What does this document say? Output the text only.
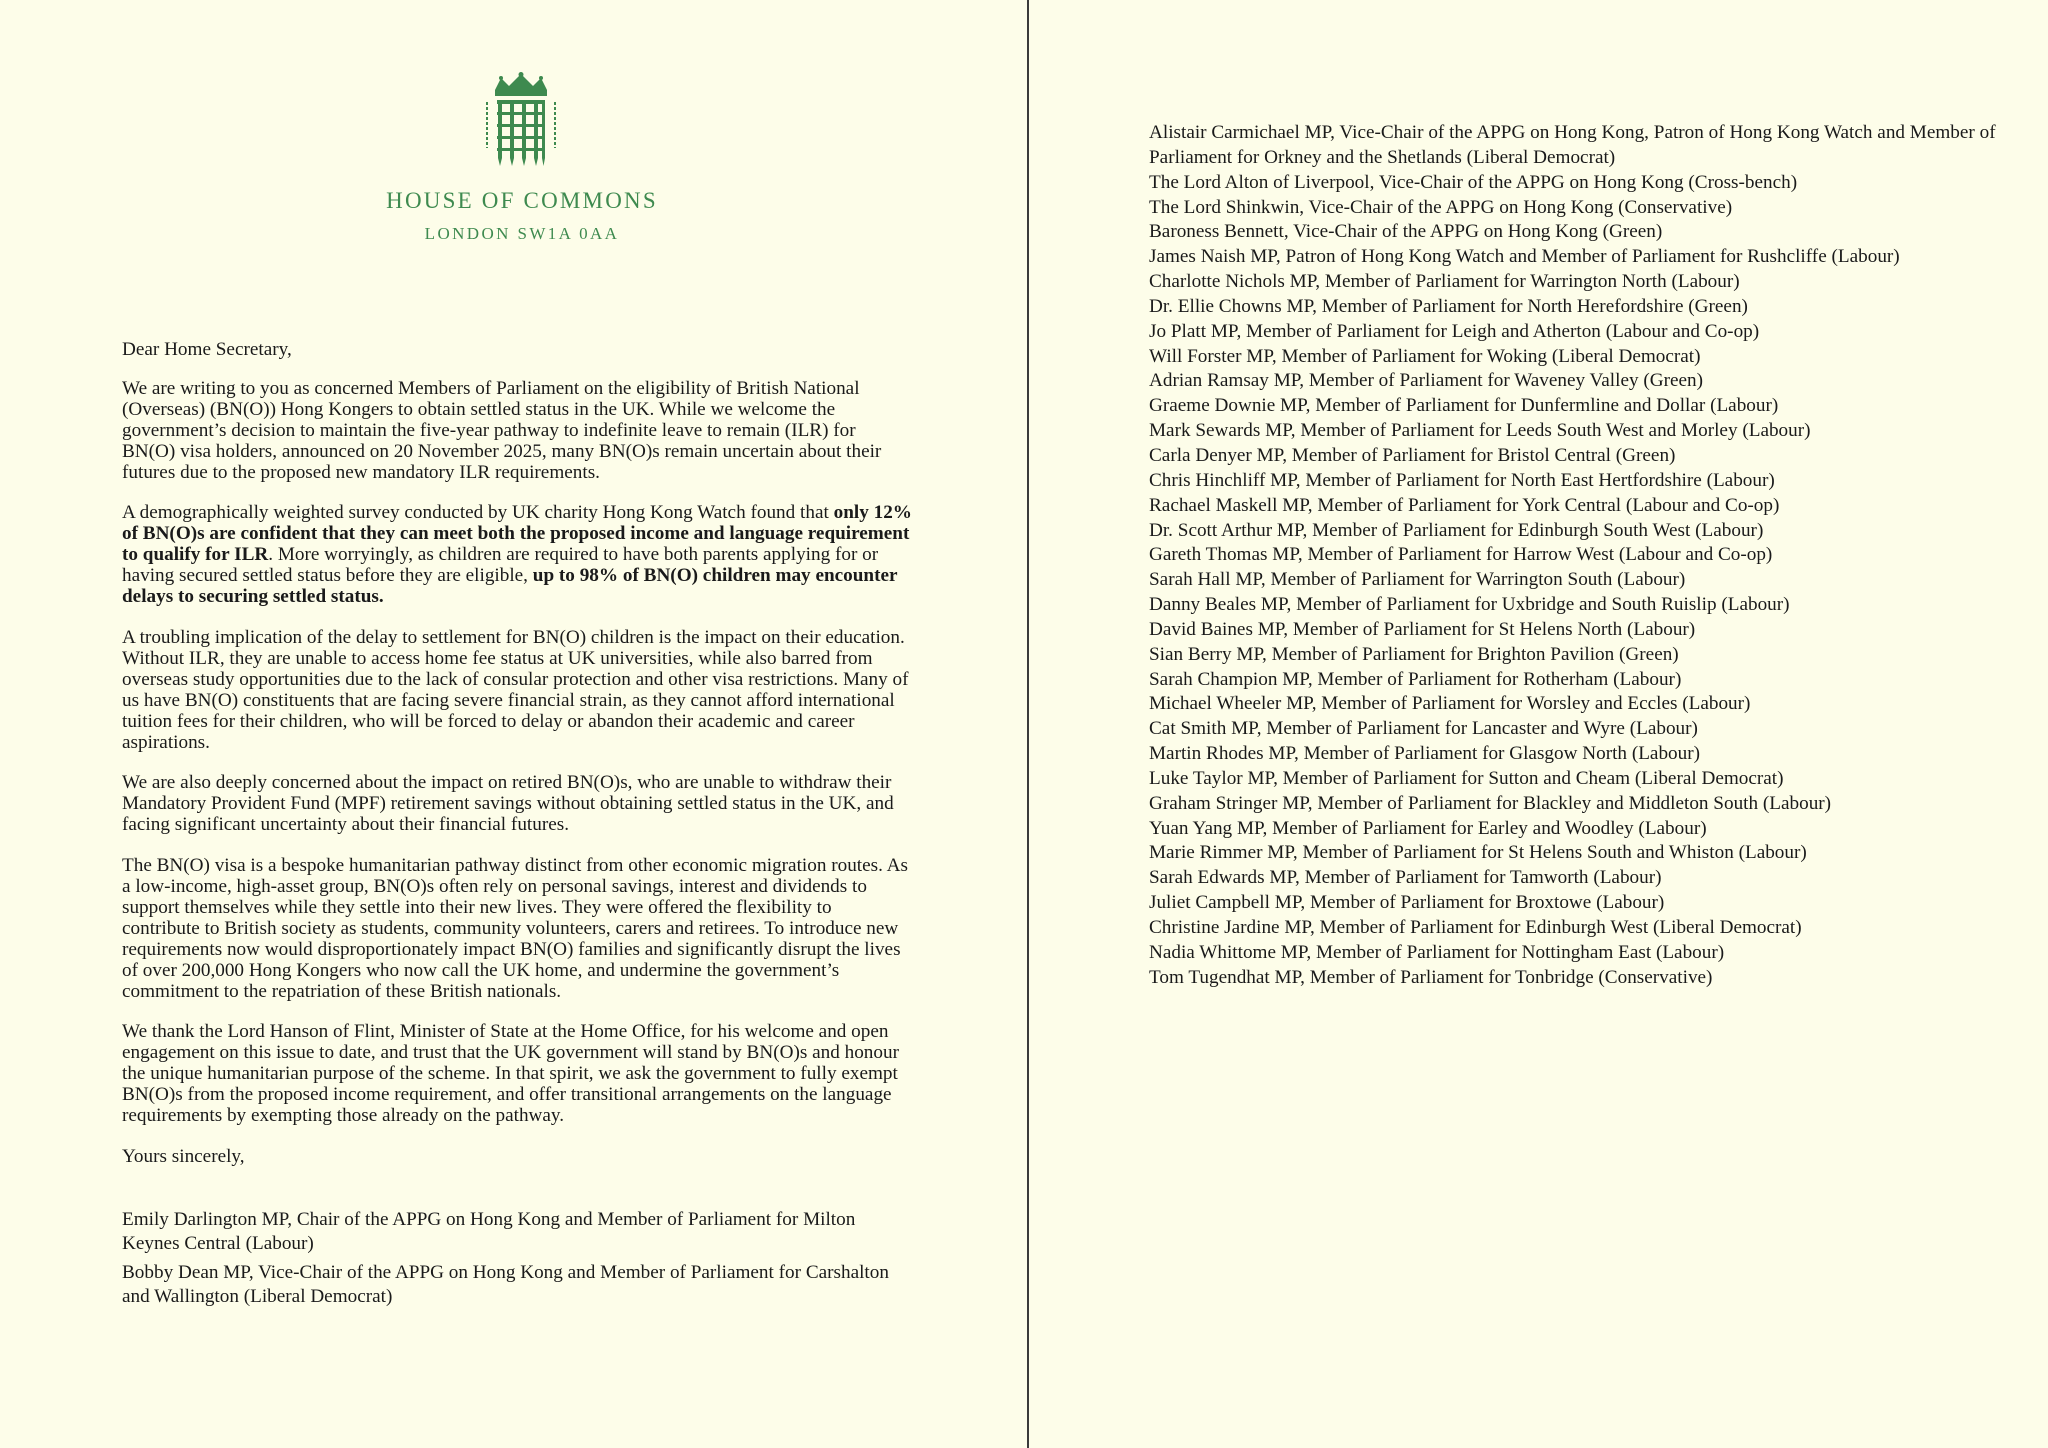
HOUSE OF COMMONS
LONDON SW1A 0AA

Dear Home Secretary,

We are writing to you as concerned Members of Parliament on the eligibility of British National (Overseas) (BN(O)) Hong Kongers to obtain settled status in the UK. While we welcome the government’s decision to maintain the five-year pathway to indefinite leave to remain (ILR) for BN(O) visa holders, announced on 20 November 2025, many BN(O)s remain uncertain about their futures due to the proposed new mandatory ILR requirements.

A demographically weighted survey conducted by UK charity Hong Kong Watch found that only 12% of BN(O)s are confident that they can meet both the proposed income and language requirement to qualify for ILR. More worryingly, as children are required to have both parents applying for or having secured settled status before they are eligible, up to 98% of BN(O) children may encounter delays to securing settled status.

A troubling implication of the delay to settlement for BN(O) children is the impact on their education. Without ILR, they are unable to access home fee status at UK universities, while also barred from overseas study opportunities due to the lack of consular protection and other visa restrictions. Many of us have BN(O) constituents that are facing severe financial strain, as they cannot afford international tuition fees for their children, who will be forced to delay or abandon their academic and career aspirations.

We are also deeply concerned about the impact on retired BN(O)s, who are unable to withdraw their Mandatory Provident Fund (MPF) retirement savings without obtaining settled status in the UK, and facing significant uncertainty about their financial futures.

The BN(O) visa is a bespoke humanitarian pathway distinct from other economic migration routes. As a low-income, high-asset group, BN(O)s often rely on personal savings, interest and dividends to support themselves while they settle into their new lives. They were offered the flexibility to contribute to British society as students, community volunteers, carers and retirees. To introduce new requirements now would disproportionately impact BN(O) families and significantly disrupt the lives of over 200,000 Hong Kongers who now call the UK home, and undermine the government’s commitment to the repatriation of these British nationals.

We thank the Lord Hanson of Flint, Minister of State at the Home Office, for his welcome and open engagement on this issue to date, and trust that the UK government will stand by BN(O)s and honour the unique humanitarian purpose of the scheme. In that spirit, we ask the government to fully exempt BN(O)s from the proposed income requirement, and offer transitional arrangements on the language requirements by exempting those already on the pathway.

Yours sincerely,

Emily Darlington MP, Chair of the APPG on Hong Kong and Member of Parliament for Milton Keynes Central (Labour)

Bobby Dean MP, Vice-Chair of the APPG on Hong Kong and Member of Parliament for Carshalton and Wallington (Liberal Democrat)

Alistair Carmichael MP, Vice-Chair of the APPG on Hong Kong, Patron of Hong Kong Watch and Member of Parliament for Orkney and the Shetlands (Liberal Democrat)

The Lord Alton of Liverpool, Vice-Chair of the APPG on Hong Kong (Cross-bench)

The Lord Shinkwin, Vice-Chair of the APPG on Hong Kong (Conservative)

Baroness Bennett, Vice-Chair of the APPG on Hong Kong (Green)

James Naish MP, Patron of Hong Kong Watch and Member of Parliament for Rushcliffe (Labour)

Charlotte Nichols MP, Member of Parliament for Warrington North (Labour)

Dr. Ellie Chowns MP, Member of Parliament for North Herefordshire (Green)

Jo Platt MP, Member of Parliament for Leigh and Atherton (Labour and Co-op)

Will Forster MP, Member of Parliament for Woking (Liberal Democrat)

Adrian Ramsay MP, Member of Parliament for Waveney Valley (Green)

Graeme Downie MP, Member of Parliament for Dunfermline and Dollar (Labour)

Mark Sewards MP, Member of Parliament for Leeds South West and Morley (Labour)

Carla Denyer MP, Member of Parliament for Bristol Central (Green)

Chris Hinchliff MP, Member of Parliament for North East Hertfordshire (Labour)

Rachael Maskell MP, Member of Parliament for York Central (Labour and Co-op)

Dr. Scott Arthur MP, Member of Parliament for Edinburgh South West (Labour)

Gareth Thomas MP, Member of Parliament for Harrow West (Labour and Co-op)

Sarah Hall MP, Member of Parliament for Warrington South (Labour)

Danny Beales MP, Member of Parliament for Uxbridge and South Ruislip (Labour)

David Baines MP, Member of Parliament for St Helens North (Labour)

Sian Berry MP, Member of Parliament for Brighton Pavilion (Green)

Sarah Champion MP, Member of Parliament for Rotherham (Labour)

Michael Wheeler MP, Member of Parliament for Worsley and Eccles (Labour)

Cat Smith MP, Member of Parliament for Lancaster and Wyre (Labour)

Martin Rhodes MP, Member of Parliament for Glasgow North (Labour)

Luke Taylor MP, Member of Parliament for Sutton and Cheam (Liberal Democrat)

Graham Stringer MP, Member of Parliament for Blackley and Middleton South (Labour)

Yuan Yang MP, Member of Parliament for Earley and Woodley (Labour)

Marie Rimmer MP, Member of Parliament for St Helens South and Whiston (Labour)

Sarah Edwards MP, Member of Parliament for Tamworth (Labour)

Juliet Campbell MP, Member of Parliament for Broxtowe (Labour)

Christine Jardine MP, Member of Parliament for Edinburgh West (Liberal Democrat)

Nadia Whittome MP, Member of Parliament for Nottingham East (Labour)

Tom Tugendhat MP, Member of Parliament for Tonbridge (Conservative)
